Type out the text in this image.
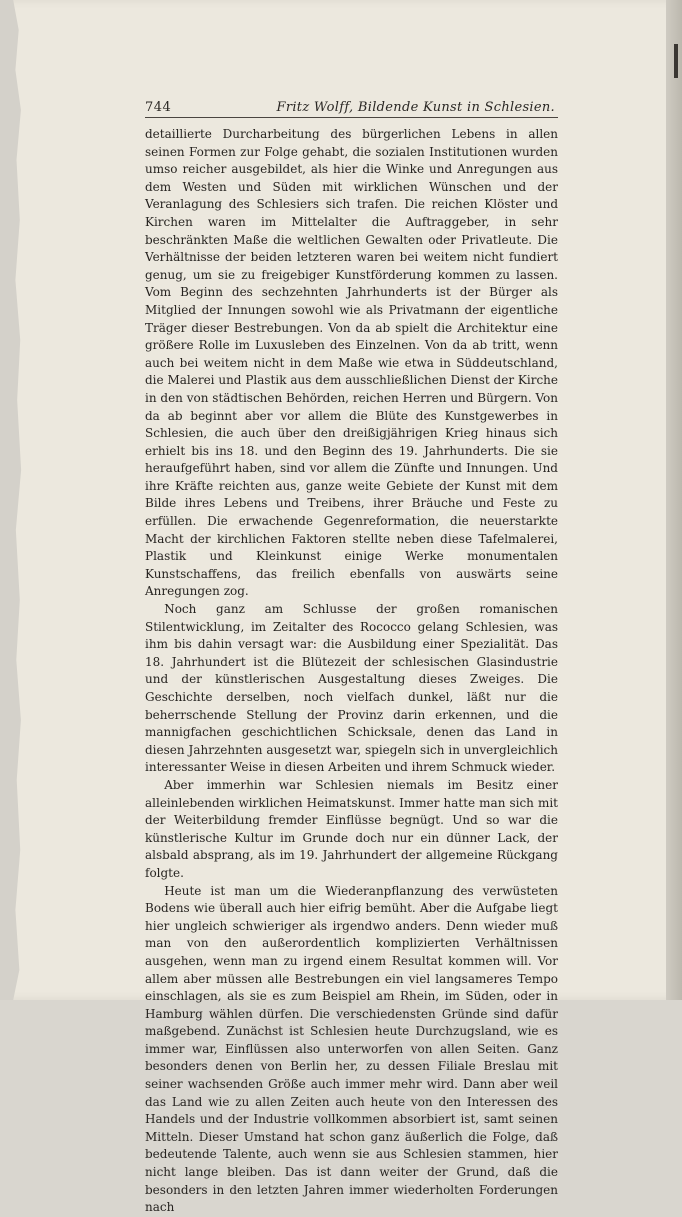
744	Fritz Wolff, Bildende Kunst in Schlesien.

detaillierte Durcharbeitung des bürgerlichen Lebens in allen seinen Formen zur Folge gehabt, die sozialen Institutionen wurden umso reicher ausgebildet, als hier die Winke und Anregungen aus dem Westen und Süden mit wirklichen Wünschen und der Veranlagung des Schlesiers sich trafen. Die reichen Klöster und Kirchen waren im Mittelalter die Auftraggeber, in sehr beschränkten Maße die weltlichen Gewalten oder Privatleute. Die Verhältnisse der beiden letzteren waren bei weitem nicht fundiert genug, um sie zu freigebiger Kunstförderung kommen zu lassen. Vom Beginn des sechzehnten Jahrhunderts ist der Bürger als Mitglied der Innungen sowohl wie als Privatmann der eigentliche Träger dieser Bestrebungen. Von da ab spielt die Architektur eine größere Rolle im Luxusleben des Einzelnen. Von da ab tritt, wenn auch bei weitem nicht in dem Maße wie etwa in Süddeutschland, die Malerei und Plastik aus dem ausschließlichen Dienst der Kirche in den von städtischen Behörden, reichen Herren und Bürgern. Von da ab beginnt aber vor allem die Blüte des Kunstgewerbes in Schlesien, die auch über den dreißigjährigen Krieg hinaus sich erhielt bis ins 18. und den Beginn des 19. Jahrhunderts. Die sie heraufgeführt haben, sind vor allem die Zünfte und Innungen. Und ihre Kräfte reichten aus, ganze weite Gebiete der Kunst mit dem Bilde ihres Lebens und Treibens, ihrer Bräuche und Feste zu erfüllen. Die erwachende Gegenreformation, die neuerstarkte Macht der kirchlichen Faktoren stellte neben diese Tafelmalerei, Plastik und Kleinkunst einige Werke monumentalen Kunstschaffens, das freilich ebenfalls von auswärts seine Anregungen zog.

Noch ganz am Schlusse der großen romanischen Stilentwicklung, im Zeitalter des Rococco gelang Schlesien, was ihm bis dahin versagt war: die Ausbildung einer Spezialität. Das 18. Jahrhundert ist die Blütezeit der schlesischen Glasindustrie und der künstlerischen Ausgestaltung dieses Zweiges. Die Geschichte derselben, noch vielfach dunkel, läßt nur die beherrschende Stellung der Provinz darin erkennen, und die mannigfachen geschichtlichen Schicksale, denen das Land in diesen Jahrzehnten ausgesetzt war, spiegeln sich in unvergleichlich interessanter Weise in diesen Arbeiten und ihrem Schmuck wieder.

Aber immerhin war Schlesien niemals im Besitz einer alleinlebenden wirklichen Heimatskunst. Immer hatte man sich mit der Weiterbildung fremder Einflüsse begnügt. Und so war die künstlerische Kultur im Grunde doch nur ein dünner Lack, der alsbald absprang, als im 19. Jahrhundert der allgemeine Rückgang folgte.

Heute ist man um die Wiederanpflanzung des verwüsteten Bodens wie überall auch hier eifrig bemüht. Aber die Aufgabe liegt hier ungleich schwieriger als irgendwo anders. Denn wieder muß man von den außerordentlich komplizierten Verhältnissen ausgehen, wenn man zu irgend einem Resultat kommen will. Vor allem aber müssen alle Bestrebungen ein viel langsameres Tempo einschlagen, als sie es zum Beispiel am Rhein, im Süden, oder in Hamburg wählen dürfen. Die verschiedensten Gründe sind dafür maßgebend. Zunächst ist Schlesien heute Durchzugsland, wie es immer war, Einflüssen also unterworfen von allen Seiten. Ganz besonders denen von Berlin her, zu dessen Filiale Breslau mit seiner wachsenden Größe auch immer mehr wird. Dann aber weil das Land wie zu allen Zeiten auch heute von den Interessen des Handels und der Industrie vollkommen absorbiert ist, samt seinen Mitteln. Dieser Umstand hat schon ganz äußerlich die Folge, daß bedeutende Talente, auch wenn sie aus Schlesien stammen, hier nicht lange bleiben. Das ist dann weiter der Grund, daß die besonders in den letzten Jahren immer wiederholten Forderungen nach
